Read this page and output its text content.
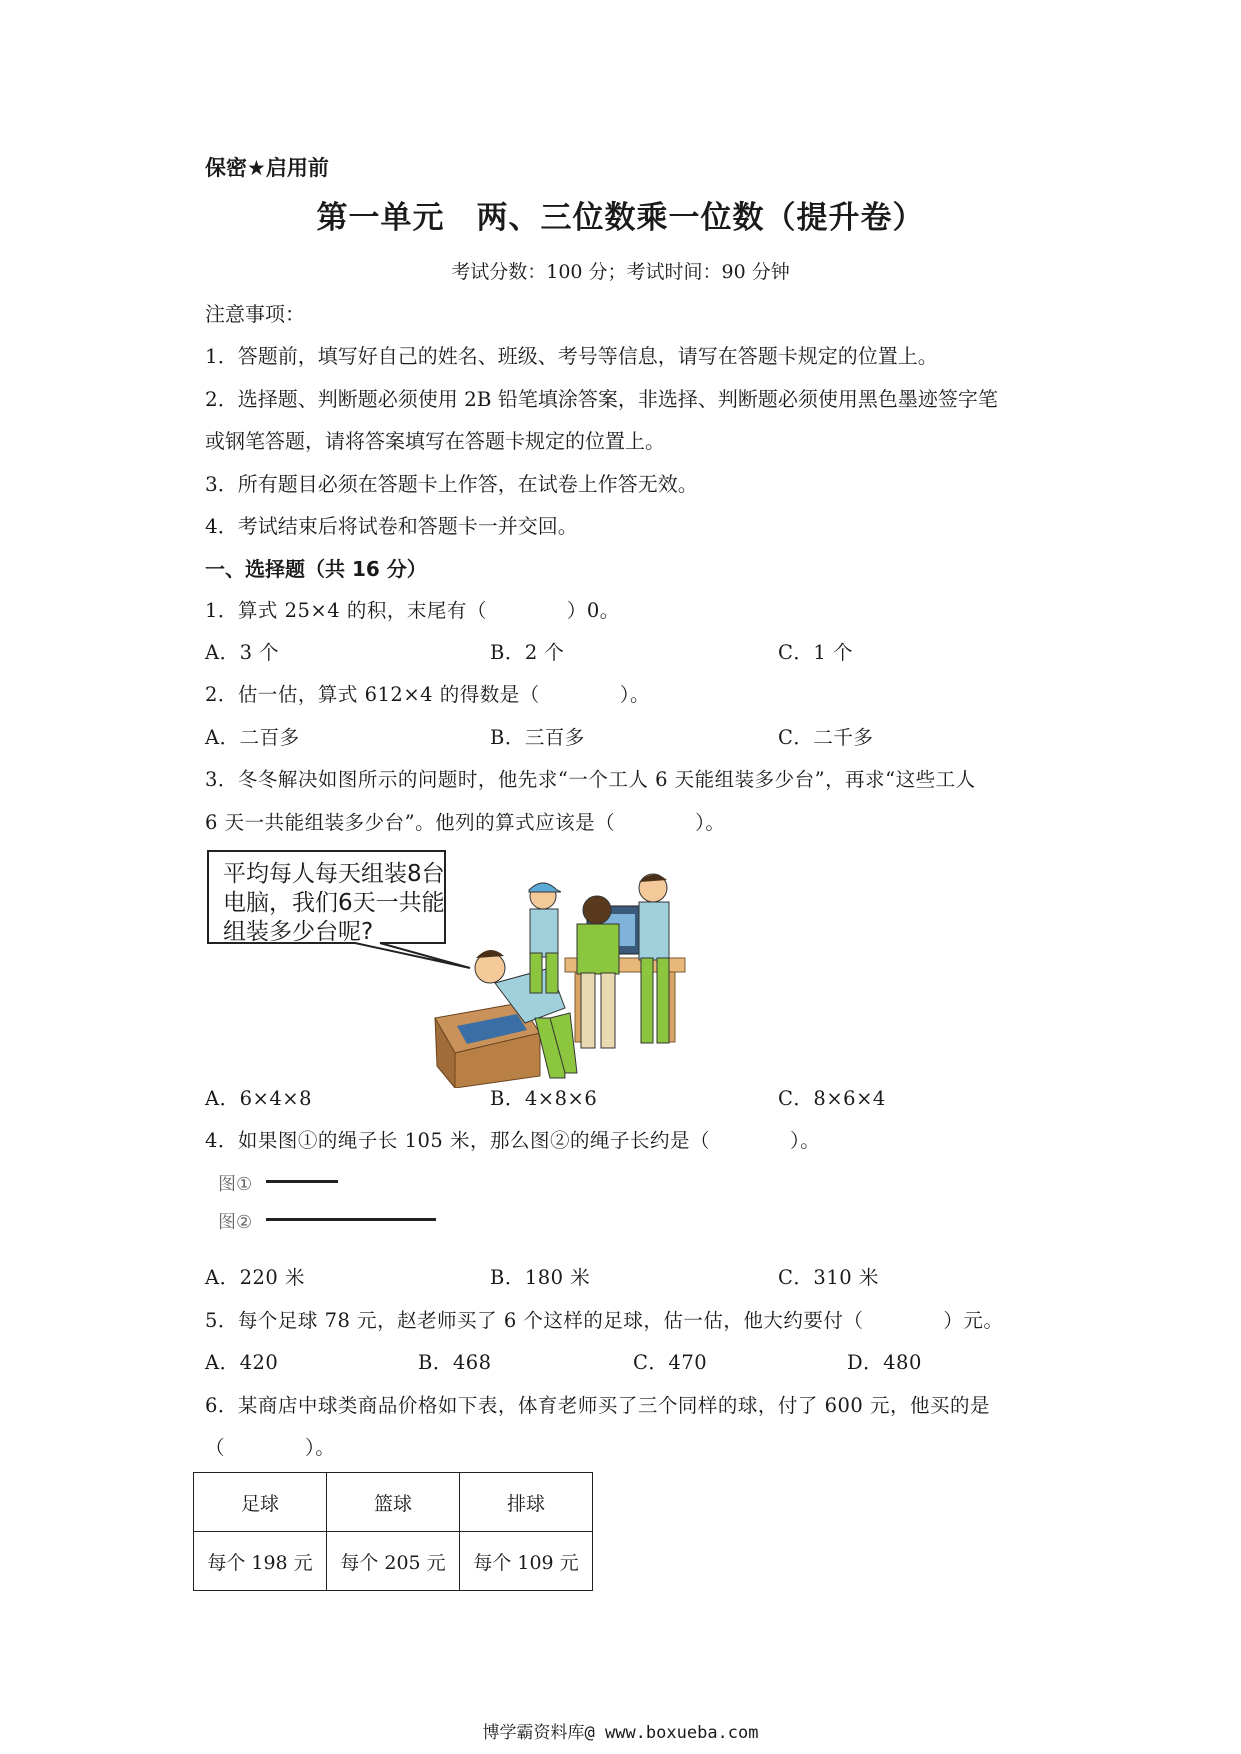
保密★启用前
第一单元　两、三位数乘一位数（提升卷）
考试分数：100 分；考试时间：90 分钟
注意事项：
1．答题前，填写好自己的姓名、班级、考号等信息，请写在答题卡规定的位置上。
2．选择题、判断题必须使用 2B 铅笔填涂答案，非选择、判断题必须使用黑色墨迹签字笔
或钢笔答题，请将答案填写在答题卡规定的位置上。
3．所有题目必须在答题卡上作答，在试卷上作答无效。
4．考试结束后将试卷和答题卡一并交回。
一、选择题（共 16 分）
1．算式 25×4 的积，末尾有（　　　　）0。
A．3 个	B．2 个	C．1 个
2．估一估，算式 612×4 的得数是（　　　　）。
A．二百多	B．三百多	C．二千多
3．冬冬解决如图所示的问题时，他先求“一个工人 6 天能组装多少台”，再求“这些工人
6 天一共能组装多少台”。他列的算式应该是（　　　　）。
平均每人每天组装8台
电脑，我们6天一共能
组装多少台呢?
A．6×4×8	B．4×8×6	C．8×6×4
4．如果图①的绳子长 105 米，那么图②的绳子长约是（　　　　）。
图①
图②
A．220 米	B．180 米	C．310 米
5．每个足球 78 元，赵老师买了 6 个这样的足球，估一估，他大约要付（　　　　）元。
A．420	B．468	C．470	D．480
6．某商店中球类商品价格如下表，体育老师买了三个同样的球，付了 600 元，他买的是
（　　　　）。
足球	篮球	排球
每个 198 元	每个 205 元	每个 109 元
博学霸资料库@ www.boxueba.com
